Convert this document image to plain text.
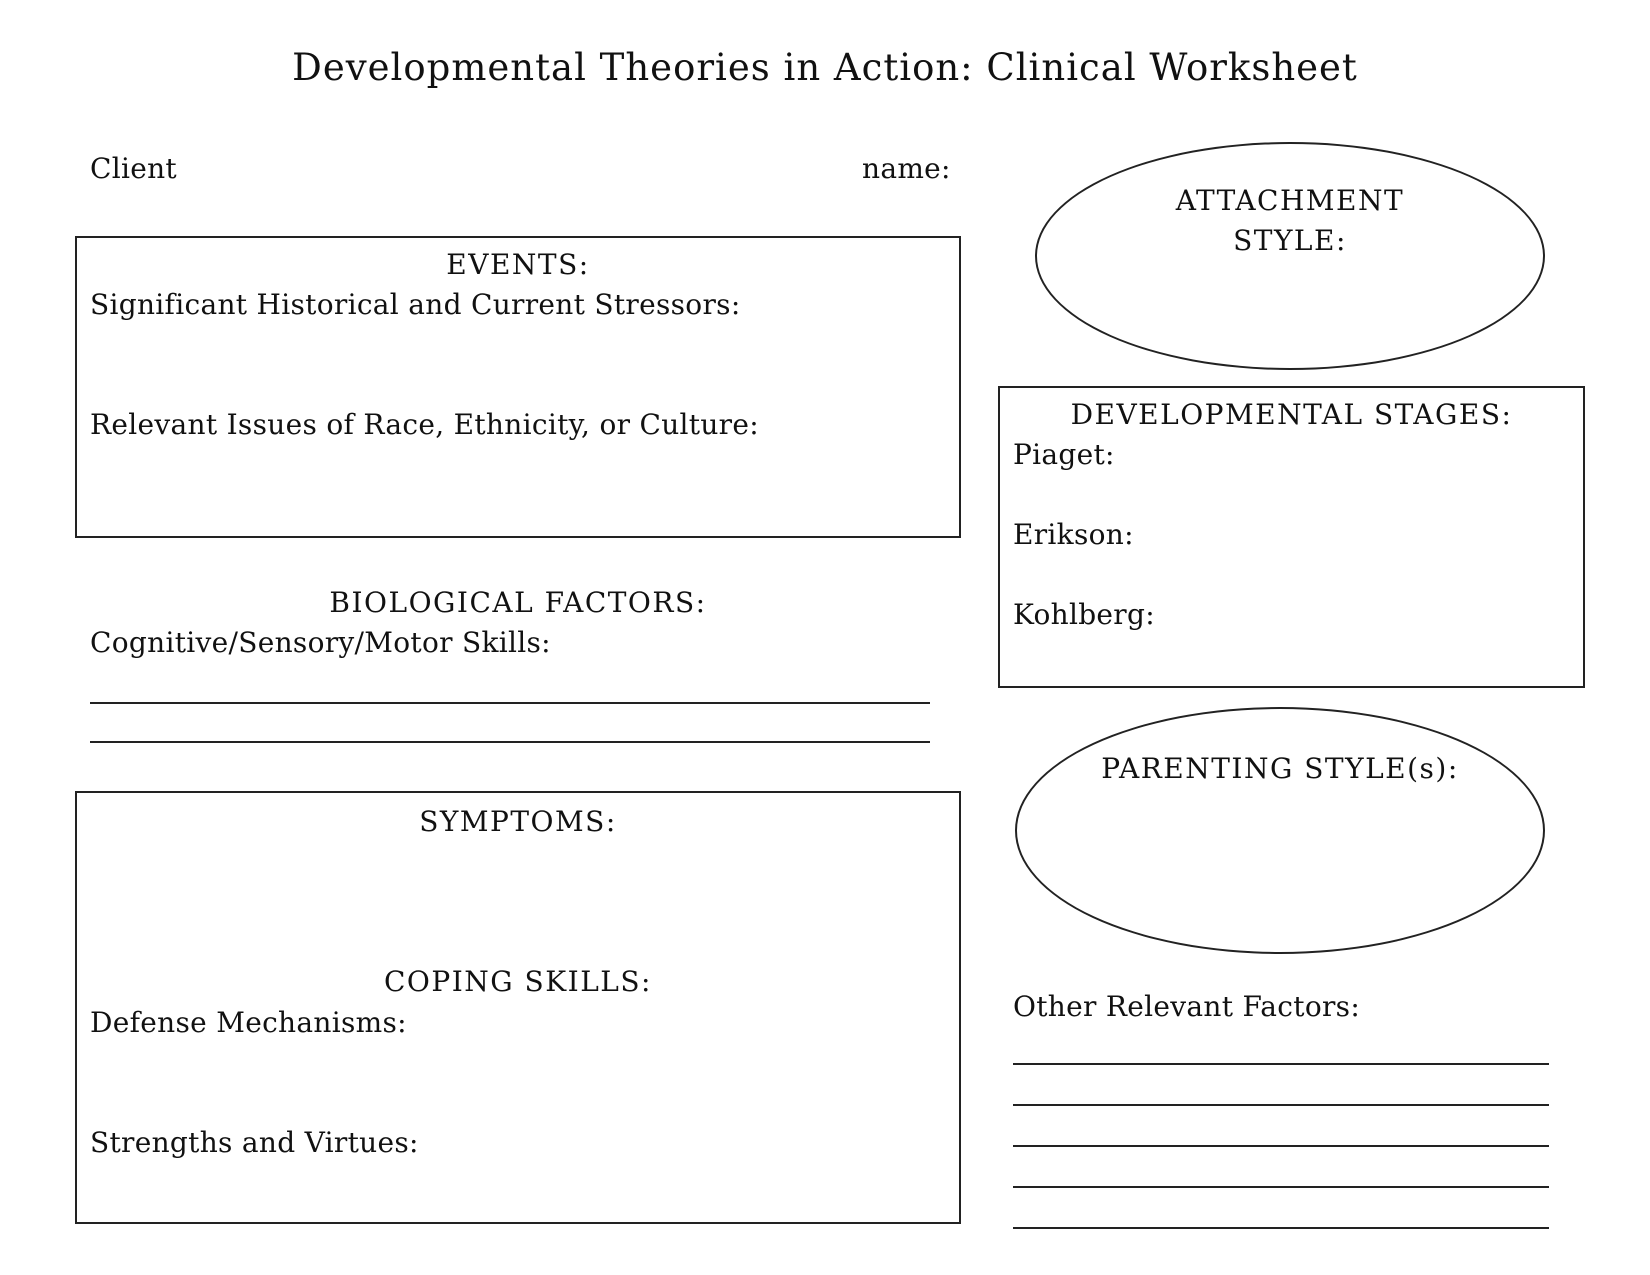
Developmental Theories in Action: Clinical Worksheet
Client	name:
EVENTS:
Significant Historical and Current Stressors:
Relevant Issues of Race, Ethnicity, or Culture:
BIOLOGICAL FACTORS:
Cognitive/Sensory/Motor Skills:
SYMPTOMS:
COPING SKILLS:
Defense Mechanisms:
Strengths and Virtues:
ATTACHMENT
STYLE:
DEVELOPMENTAL STAGES:
Piaget:
Erikson:
Kohlberg:
PARENTING STYLE(s):
Other Relevant Factors:
